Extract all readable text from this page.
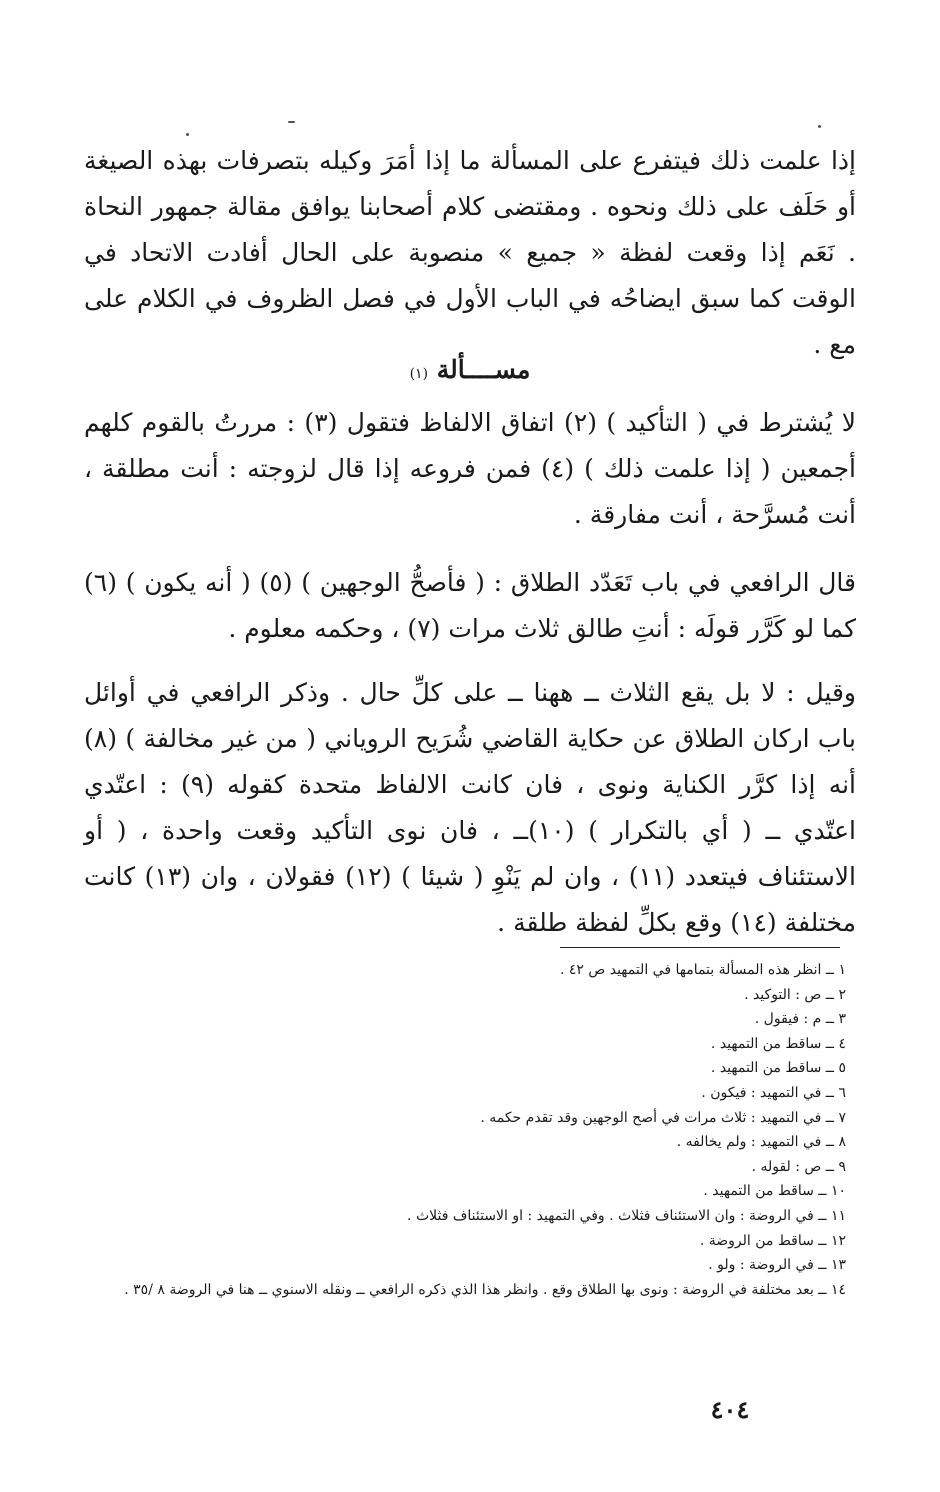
إذا علمت ذلك فيتفرع على المسألة ما إذا أمَرَ وكيله بتصرفات بهذه الصيغة أو حَلَف على ذلك ونحوه . ومقتضى كلام أصحابنا يوافق مقالة جمهور النحاة . نَعَم إذا وقعت لفظة « جميع » منصوبة على الحال أفادت الاتحاد في الوقت كما سبق ايضاحُه في الباب الأول في فصل الظروف في الكلام على مع .

مســــألة (١)

لا يُشترط في ( التأكيد ) (٢) اتفاق الالفاظ فتقول (٣) : مررتُ بالقوم كلهم أجمعين ( إذا علمت ذلك ) (٤) فمن فروعه إذا قال لزوجته : أنت مطلقة ، أنت مُسرَّحة ، أنت مفارقة .

قال الرافعي في باب تَعَدّد الطلاق : ( فأصحُّ الوجهين ) (٥) ( أنه يكون ) (٦) كما لو كَرَّر قولَه : أنتِ طالق ثلاث مرات (٧) ، وحكمه معلوم .

وقيل : لا بل يقع الثلاث ــ ههنا ــ على كلِّ حال . وذكر الرافعي في أوائل باب اركان الطلاق عن حكاية القاضي شُرَيح الروياني ( من غير مخالفة ) (٨) أنه إذا كرَّر الكناية ونوى ، فان كانت الالفاظ متحدة كقوله (٩) : اعتّدي اعتّدي ــ ( أي بالتكرار ) (١٠)ــ ، فان نوى التأكيد وقعت واحدة ، ( أو الاستئناف فيتعدد (١١) ، وان لم يَنْوِ ( شيئا ) (١٢) فقولان ، وان (١٣) كانت مختلفة (١٤) وقع بكلِّ لفظة طلقة .

١ ــ انظر هذه المسألة بتمامها في التمهيد ص ٤٢ .
٢ ــ ص : التوكيد .
٣ ــ م : فيقول .
٤ ــ ساقط من التمهيد .
٥ ــ ساقط من التمهيد .
٦ ــ في التمهيد : فيكون .
٧ ــ في التمهيد : ثلاث مرات في أصح الوجهين وقد تقدم حكمه .
٨ ــ في التمهيد : ولم يخالفه .
٩ ــ ص : لقوله .
١٠ ــ ساقط من التمهيد .
١١ ــ في الروضة : وان الاستئناف فثلاث . وفي التمهيد : او الاستئناف فثلاث .
١٢ ــ ساقط من الروضة .
١٣ ــ في الروضة : ولو .
١٤ ــ بعد مختلفة في الروضة : ونوى بها الطلاق وقع . وانظر هذا الذي ذكره الرافعي ــ ونقله الاسنوي ــ هنا في الروضة ٨ /٣٥ .
٤٠٤
